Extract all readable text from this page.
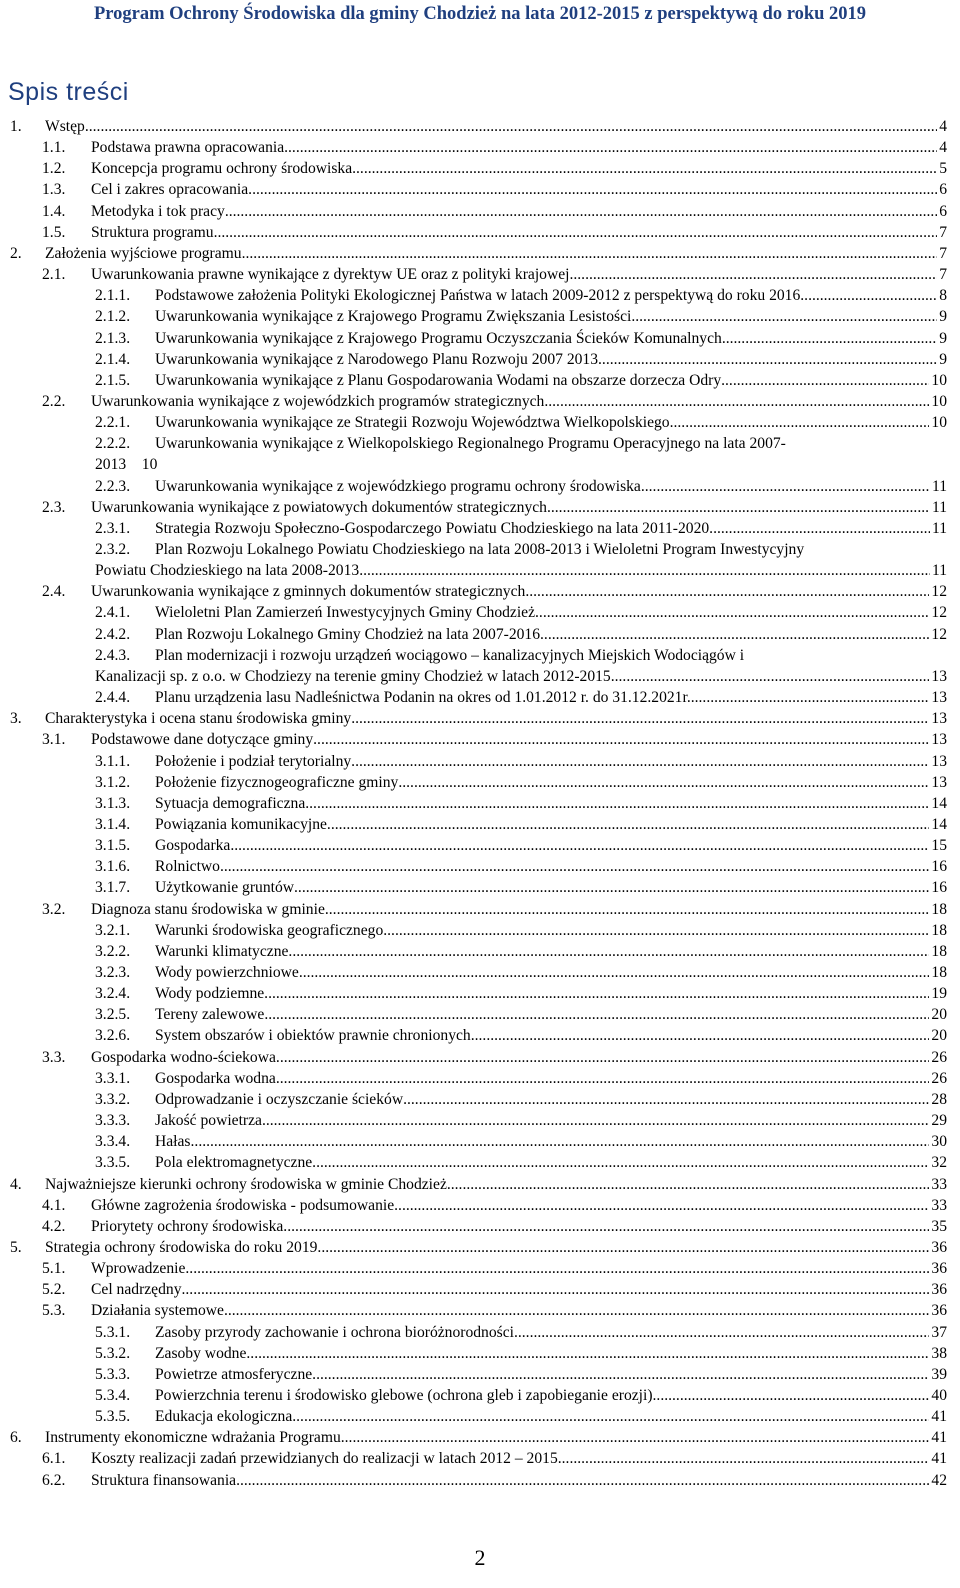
Program Ochrony Środowiska dla gminy Chodzież na lata 2012-2015 z perspektywą do roku 2019
Spis treści
1. Wstęp .....	4
1.1. Podstawa prawna opracowania .....	4
1.2. Koncepcja programu ochrony środowiska .....	5
1.3. Cel i zakres opracowania .....	6
1.4. Metodyka i tok pracy .....	6
1.5. Struktura programu .....	7
2. Założenia wyjściowe programu .....	7
2.1. Uwarunkowania prawne wynikające z dyrektyw UE oraz z polityki krajowej .....	7
2.1.1. Podstawowe założenia Polityki Ekologicznej Państwa w latach 2009-2012 z perspektywą do roku 2016 .....	8
2.1.2. Uwarunkowania wynikające z Krajowego Programu Zwiększania Lesistości .....	9
2.1.3. Uwarunkowania wynikające z Krajowego Programu Oczyszczania Ścieków Komunalnych .....	9
2.1.4. Uwarunkowania wynikające z Narodowego Planu Rozwoju 2007 2013 .....	9
2.1.5. Uwarunkowania wynikające z Planu Gospodarowania Wodami na obszarze dorzecza Odry .....	10
2.2. Uwarunkowania wynikające z wojewódzkich programów strategicznych .....	10
2.2.1. Uwarunkowania wynikające ze Strategii Rozwoju Województwa Wielkopolskiego .....	10
2.2.2. Uwarunkowania wynikające z Wielkopolskiego Regionalnego Programu Operacyjnego na lata 2007-
2013    10
2.2.3. Uwarunkowania wynikające z wojewódzkiego programu ochrony środowiska .....	11
2.3. Uwarunkowania wynikające z powiatowych dokumentów strategicznych .....	11
2.3.1. Strategia Rozwoju Społeczno-Gospodarczego Powiatu Chodzieskiego na lata 2011-2020 .....	11
2.3.2. Plan Rozwoju Lokalnego Powiatu Chodzieskiego na lata 2008-2013 i Wieloletni Program Inwestycyjny
Powiatu Chodzieskiego na lata 2008-2013 .....	11
2.4. Uwarunkowania wynikające z gminnych dokumentów strategicznych .....	12
2.4.1. Wieloletni Plan Zamierzeń Inwestycyjnych Gminy Chodzież .....	12
2.4.2. Plan Rozwoju Lokalnego Gminy Chodzież na lata 2007-2016 .....	12
2.4.3. Plan modernizacji i rozwoju urządzeń wociągowo – kanalizacyjnych Miejskich Wodociągów i
Kanalizacji sp. z o.o. w Chodziezy na terenie gminy Chodzież w latach 2012-2015 .....	13
2.4.4. Planu urządzenia lasu Nadleśnictwa Podanin na okres od 1.01.2012 r. do 31.12.2021r. .....	13
3. Charakterystyka i ocena stanu środowiska gminy .....	13
3.1. Podstawowe dane dotyczące gminy .....	13
3.1.1. Położenie i podział terytorialny .....	13
3.1.2. Położenie fizycznogeograficzne gminy .....	13
3.1.3. Sytuacja demograficzna .....	14
3.1.4. Powiązania komunikacyjne .....	14
3.1.5. Gospodarka .....	15
3.1.6. Rolnictwo .....	16
3.1.7. Użytkowanie gruntów .....	16
3.2. Diagnoza stanu środowiska w gminie .....	18
3.2.1. Warunki środowiska geograficznego .....	18
3.2.2. Warunki klimatyczne .....	18
3.2.3. Wody powierzchniowe .....	18
3.2.4. Wody podziemne .....	19
3.2.5. Tereny zalewowe .....	20
3.2.6. System obszarów i obiektów prawnie chronionych .....	20
3.3. Gospodarka wodno-ściekowa .....	26
3.3.1. Gospodarka wodna .....	26
3.3.2. Odprowadzanie i oczyszczanie ścieków .....	28
3.3.3. Jakość powietrza .....	29
3.3.4. Hałas .....	30
3.3.5. Pola elektromagnetyczne .....	32
4. Najważniejsze kierunki ochrony środowiska w gminie Chodzież .....	33
4.1. Główne zagrożenia środowiska - podsumowanie .....	33
4.2. Priorytety ochrony środowiska .....	35
5. Strategia ochrony środowiska do roku 2019 .....	36
5.1. Wprowadzenie .....	36
5.2. Cel nadrzędny .....	36
5.3. Działania systemowe .....	36
5.3.1. Zasoby przyrody zachowanie i ochrona bioróżnorodności .....	37
5.3.2. Zasoby wodne .....	38
5.3.3. Powietrze atmosferyczne .....	39
5.3.4. Powierzchnia terenu i środowisko glebowe (ochrona gleb i zapobieganie erozji) .....	40
5.3.5. Edukacja ekologiczna .....	41
6. Instrumenty ekonomiczne wdrażania Programu .....	41
6.1. Koszty realizacji zadań przewidzianych do realizacji w latach 2012 – 2015 .....	41
6.2. Struktura finansowania .....	42
2
